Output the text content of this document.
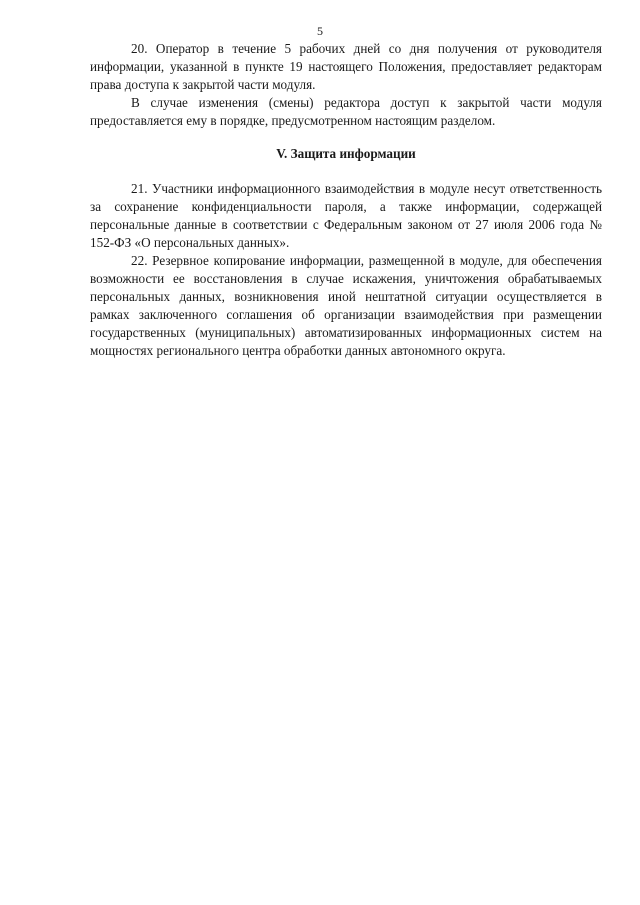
5

20. Оператор в течение 5 рабочих дней со дня получения от руководителя информации, указанной в пункте 19 настоящего Положения, предоставляет редакторам права доступа к закрытой части модуля.

В случае изменения (смены) редактора доступ к закрытой части модуля предоставляется ему в порядке, предусмотренном настоящим разделом.

V. Защита информации

21. Участники информационного взаимодействия в модуле несут ответственность за сохранение конфиденциальности пароля, а также информации, содержащей персональные данные в соответствии с Федеральным законом от 27 июля 2006 года № 152-ФЗ «О персональных данных».

22. Резервное копирование информации, размещенной в модуле, для обеспечения возможности ее восстановления в случае искажения, уничтожения обрабатываемых персональных данных, возникновения иной нештатной ситуации осуществляется в рамках заключенного соглашения об организации взаимодействия при размещении государственных (муниципальных) автоматизированных информационных систем на мощностях регионального центра обработки данных автономного округа.
